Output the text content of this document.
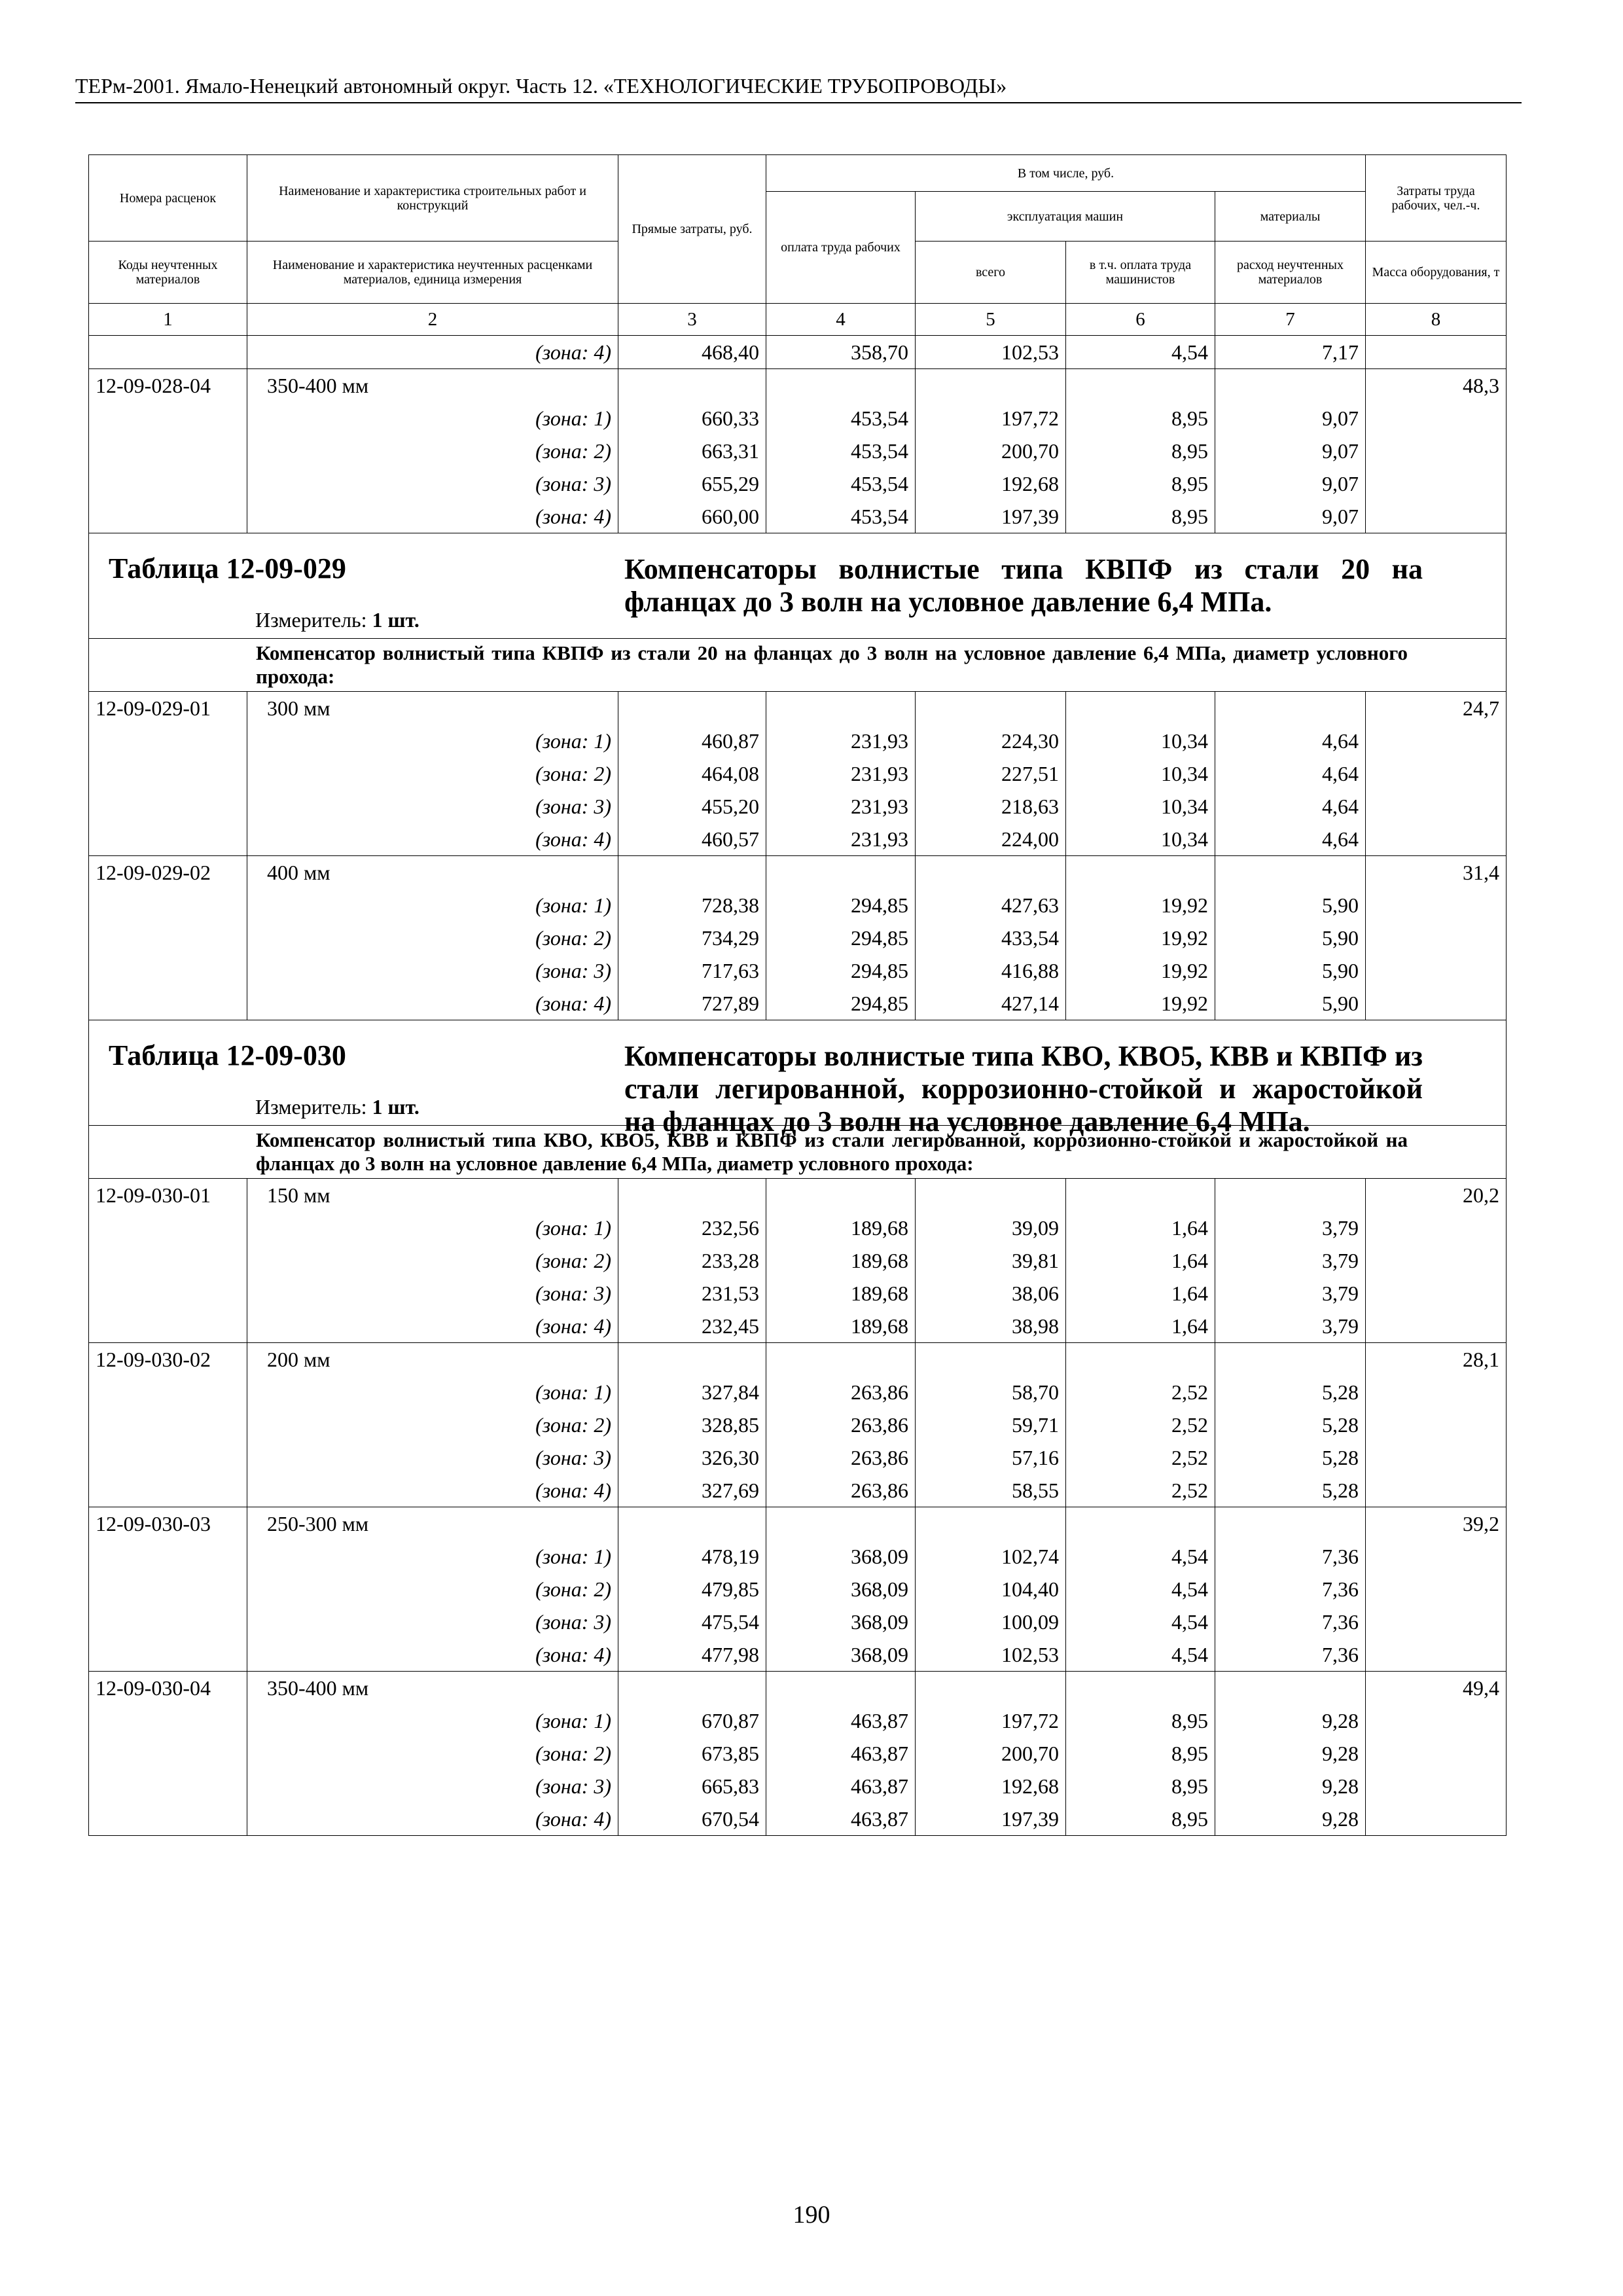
ТЕРм-2001. Ямало-Ненецкий автономный округ. Часть 12. «ТЕХНОЛОГИЧЕСКИЕ ТРУБОПРОВОДЫ»
Номера расценок	Наименование и характеристика строительных работ и конструкций	Прямые затраты, руб.	В том числе, руб.				Затраты труда рабочих, чел.-ч.
			оплата труда рабочих	эксплуатация машин		материалы	
Коды неучтенных материалов	Наименование и характеристика неучтенных расценками материалов, единица измерения			всего	в т.ч. оплата труда машинистов	расход неучтенных материалов	Масса оборудования, т
1	2	3	4	5	6	7	8
	(зона: 4)	468,40	358,70	102,53	4,54	7,17	
12-09-028-04	350-400 мм						48,3
	(зона: 1)	660,33	453,54	197,72	8,95	9,07	
	(зона: 2)	663,31	453,54	200,70	8,95	9,07	
	(зона: 3)	655,29	453,54	192,68	8,95	9,07	
	(зона: 4)	660,00	453,54	197,39	8,95	9,07	

Таблица 12-09-029 Компенсаторы волнистые типа КВПФ из стали 20 на фланцах до 3 волн на условное давление 6,4 МПа.
Измеритель: 1 шт.							

Компенсатор волнистый типа КВПФ из стали 20 на фланцах до 3 волн на условное давление 6,4 МПа, диаметр условного прохода:							
12-09-029-01	300 мм						24,7
	(зона: 1)	460,87	231,93	224,30	10,34	4,64	
	(зона: 2)	464,08	231,93	227,51	10,34	4,64	
	(зона: 3)	455,20	231,93	218,63	10,34	4,64	
	(зона: 4)	460,57	231,93	224,00	10,34	4,64	
12-09-029-02	400 мм						31,4
	(зона: 1)	728,38	294,85	427,63	19,92	5,90	
	(зона: 2)	734,29	294,85	433,54	19,92	5,90	
	(зона: 3)	717,63	294,85	416,88	19,92	5,90	
	(зона: 4)	727,89	294,85	427,14	19,92	5,90	

Таблица 12-09-030 Компенсаторы волнистые типа КВО, КВО5, КВВ и КВПФ из стали легированной, коррозионно-стойкой и жаростойкой на фланцах до 3 волн на условное давление 6,4 МПа.
Измеритель: 1 шт.							

Компенсатор волнистый типа КВО, КВО5, КВВ и КВПФ из стали легированной, коррозионно-стойкой и жаростойкой на фланцах до 3 волн на условное давление 6,4 МПа, диаметр условного прохода:							
12-09-030-01	150 мм						20,2
	(зона: 1)	232,56	189,68	39,09	1,64	3,79	
	(зона: 2)	233,28	189,68	39,81	1,64	3,79	
	(зона: 3)	231,53	189,68	38,06	1,64	3,79	
	(зона: 4)	232,45	189,68	38,98	1,64	3,79	
12-09-030-02	200 мм						28,1
	(зона: 1)	327,84	263,86	58,70	2,52	5,28	
	(зона: 2)	328,85	263,86	59,71	2,52	5,28	
	(зона: 3)	326,30	263,86	57,16	2,52	5,28	
	(зона: 4)	327,69	263,86	58,55	2,52	5,28	
12-09-030-03	250-300 мм						39,2
	(зона: 1)	478,19	368,09	102,74	4,54	7,36	
	(зона: 2)	479,85	368,09	104,40	4,54	7,36	
	(зона: 3)	475,54	368,09	100,09	4,54	7,36	
	(зона: 4)	477,98	368,09	102,53	4,54	7,36	
12-09-030-04	350-400 мм						49,4
	(зона: 1)	670,87	463,87	197,72	8,95	9,28	
	(зона: 2)	673,85	463,87	200,70	8,95	9,28	
	(зона: 3)	665,83	463,87	192,68	8,95	9,28	
	(зона: 4)	670,54	463,87	197,39	8,95	9,28	
190
